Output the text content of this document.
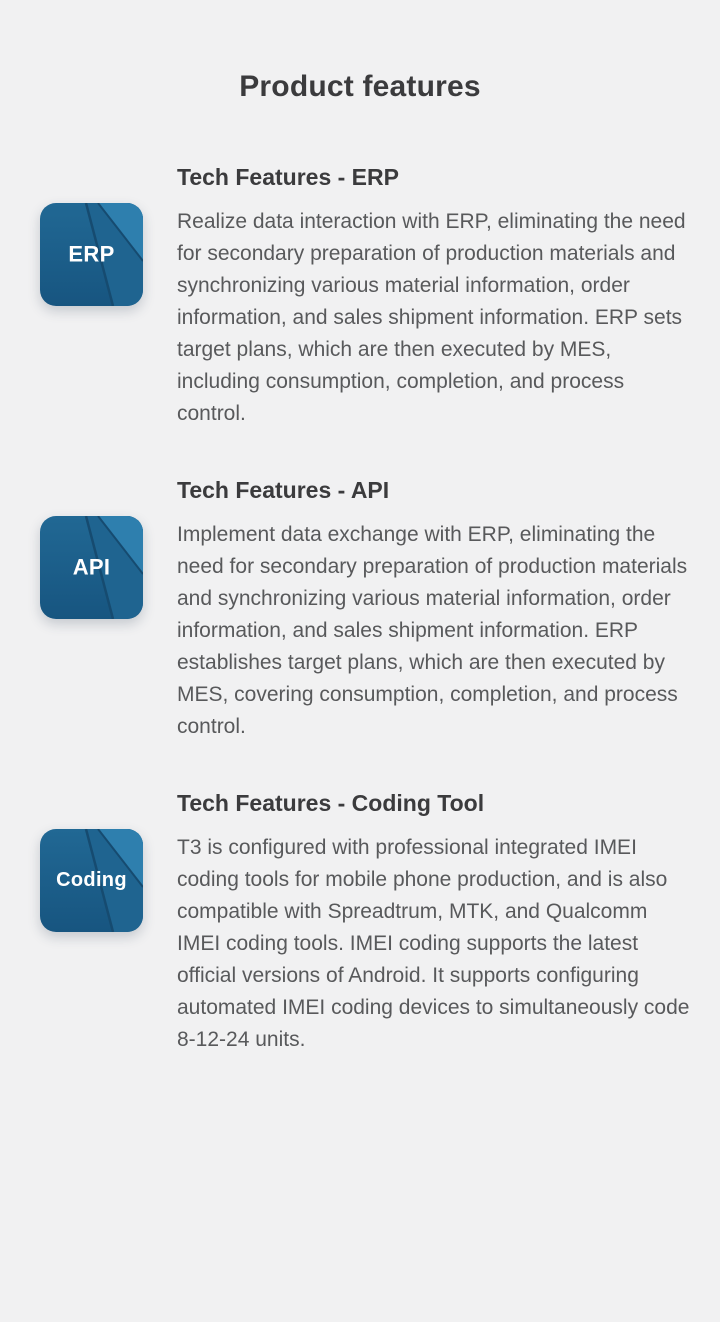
Product features
Tech Features - ERP
ERP

Realize data interaction with ERP, eliminating the need for secondary preparation of production materials and synchronizing various material information, order information, and sales shipment information. ERP sets target plans, which are then executed by MES, including consumption, completion, and process control.

Tech Features - API
API

Implement data exchange with ERP, eliminating the need for secondary preparation of production materials and synchronizing various material information, order information, and sales shipment information. ERP establishes target plans, which are then executed by MES, covering consumption, completion, and process control.

Tech Features - Coding Tool
Coding

T3 is configured with professional integrated IMEI coding tools for mobile phone production, and is also compatible with Spreadtrum, MTK, and Qualcomm IMEI coding tools. IMEI coding supports the latest official versions of Android. It supports configuring automated IMEI coding devices to simultaneously code 8-12-24 units.
